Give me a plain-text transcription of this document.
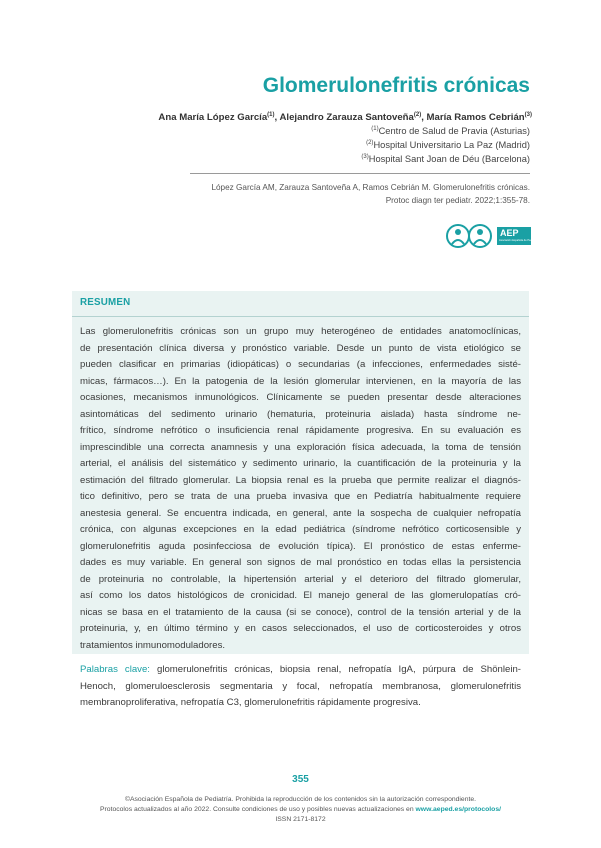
Glomerulonefritis crónicas
Ana María López García$^{(1)}$, Alejandro Zarauza Santoveña$^{(2)}$, María Ramos Cebrián$^{(3)}$
$^{(1)}$Centro de Salud de Pravia (Asturias)
$^{(2)}$Hospital Universitario La Paz (Madrid)
$^{(3)}$Hospital Sant Joan de Déu (Barcelona)
López García AM, Zarauza Santoveña A, Ramos Cebrián M. Glomerulonefritis crónicas.
Protoc diagn ter pediatr. 2022;1:355-78.
AEP
Asociación Española de Pediatría
RESUMEN
Las glomerulonefritis crónicas son un grupo muy heterogéneo de entidades anatomoclínicas,
de presentación clínica diversa y pronóstico variable. Desde un punto de vista etiológico se
pueden clasificar en primarias (idiopáticas) o secundarias (a infecciones, enfermedades sisté-
micas, fármacos…). En la patogenia de la lesión glomerular intervienen, en la mayoría de las
ocasiones, mecanismos inmunológicos. Clínicamente se pueden presentar desde alteraciones
asintomáticas del sedimento urinario (hematuria, proteinuria aislada) hasta síndrome ne-
frítico, síndrome nefrótico o insuficiencia renal rápidamente progresiva. En su evaluación es
imprescindible una correcta anamnesis y una exploración física adecuada, la toma de tensión
arterial, el análisis del sistemático y sedimento urinario, la cuantificación de la proteinuria y la
estimación del filtrado glomerular. La biopsia renal es la prueba que permite realizar el diagnós-
tico definitivo, pero se trata de una prueba invasiva que en Pediatría habitualmente requiere
anestesia general. Se encuentra indicada, en general, ante la sospecha de cualquier nefropatía
crónica, con algunas excepciones en la edad pediátrica (síndrome nefrótico corticosensible y
glomerulonefritis aguda posinfecciosa de evolución típica). El pronóstico de estas enferme-
dades es muy variable. En general son signos de mal pronóstico en todas ellas la persistencia
de proteinuria no controlable, la hipertensión arterial y el deterioro del filtrado glomerular,
así como los datos histológicos de cronicidad. El manejo general de las glomerulopatías cró-
nicas se basa en el tratamiento de la causa (si se conoce), control de la tensión arterial y de la
proteinuria, y, en último término y en casos seleccionados, el uso de corticosteroides y otros
tratamientos inmunomoduladores.
Palabras clave: glomerulonefritis crónicas, biopsia renal, nefropatía IgA, púrpura de Shönlein-
Henoch, glomeruloesclerosis segmentaria y focal, nefropatía membranosa, glomerulonefritis
membranoproliferativa, nefropatía C3, glomerulonefritis rápidamente progresiva.
355
©Asociación Española de Pediatría. Prohibida la reproducción de los contenidos sin la autorización correspondiente.
Protocolos actualizados al año 2022. Consulte condiciones de uso y posibles nuevas actualizaciones en www.aeped.es/protocolos/
ISSN 2171-8172
